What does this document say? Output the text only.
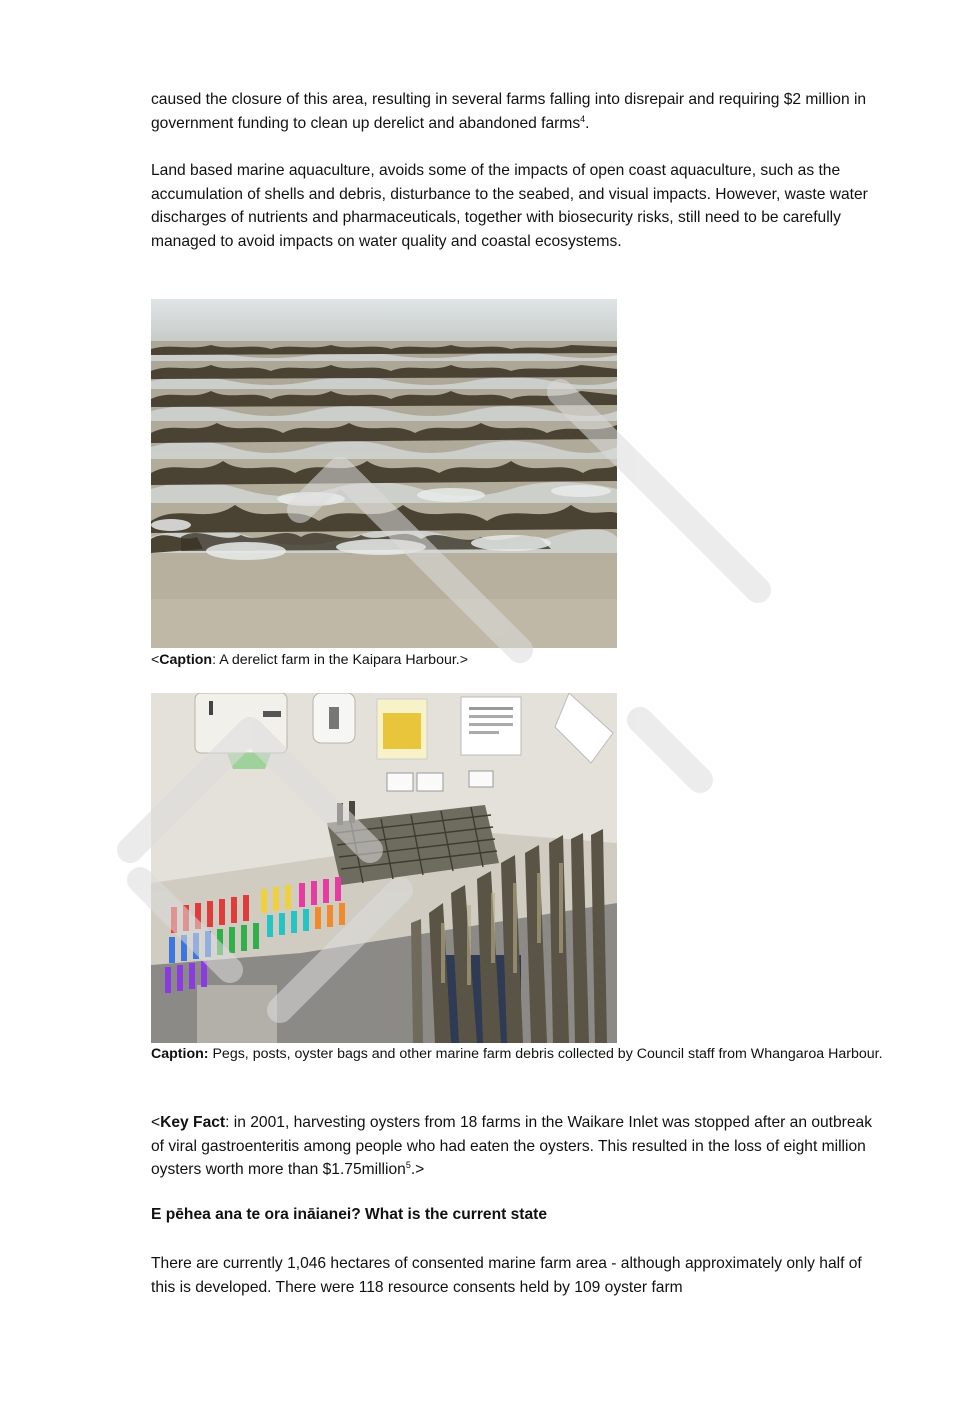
caused the closure of this area, resulting in several farms falling into disrepair and requiring $2 million in government funding to clean up derelict and abandoned farms$^4$.

Land based marine aquaculture, avoids some of the impacts of open coast aquaculture, such as the accumulation of shells and debris, disturbance to the seabed, and visual impacts. However, waste water discharges of nutrients and pharmaceuticals, together with biosecurity risks, still need to be carefully managed to avoid impacts on water quality and coastal ecosystems.

<Caption: A derelict farm in the Kaipara Harbour.>

Caption: Pegs, posts, oyster bags and other marine farm debris collected by Council staff from Whangaroa Harbour.

<Key Fact: in 2001, harvesting oysters from 18 farms in the Waikare Inlet was stopped after an outbreak of viral gastroenteritis among people who had eaten the oysters. This resulted in the loss of eight million oysters worth more than $1.75million$^5$.>

E pēhea ana te ora ināianei? What is the current state

There are currently 1,046 hectares of consented marine farm area - although approximately only half of this is developed. There were 118 resource consents held by 109 oyster farm
